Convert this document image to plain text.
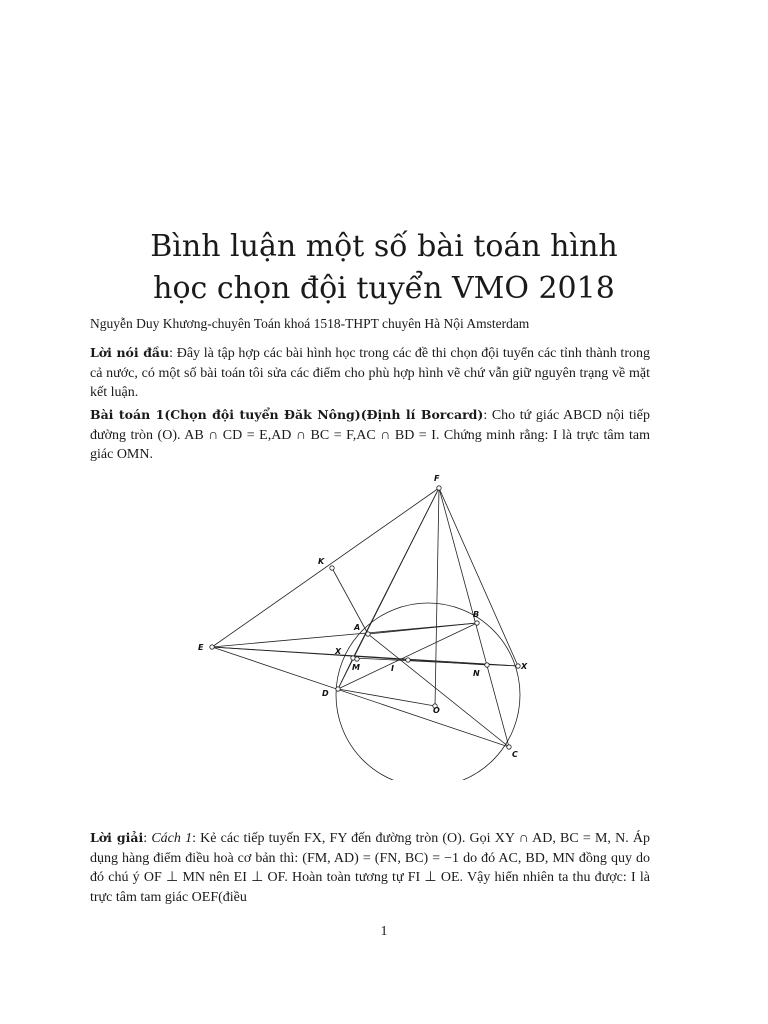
Bình luận một số bài toán hình
học chọn đội tuyển VMO 2018
Nguyễn Duy Khương-chuyên Toán khoá 1518-THPT chuyên Hà Nội Amsterdam
Lời nói đầu: Đây là tập hợp các bài hình học trong các đề thi chọn đội tuyển các tỉnh thành trong cả nước, có một số bài toán tôi sửa các điểm cho phù hợp hình vẽ chứ vẫn giữ nguyên trạng về mặt kết luận.
Bài toán 1(Chọn đội tuyển Đăk Nông)(Định lí Borcard): Cho tứ giác ABCD nội tiếp đường tròn (O). AB ∩ CD = E,AD ∩ BC = F,AC ∩ BD = I. Chứng minh rằng: I là trực tâm tam giác OMN.
F
K
E
A
B
X
M	I
N
X
D
O
C
Lời giải: Cách 1: Kẻ các tiếp tuyến FX, FY đến đường tròn (O). Gọi XY ∩ AD, BC = M, N. Áp dụng hàng điểm điều hoà cơ bản thì: (FM, AD) = (FN, BC) = −1 do đó AC, BD, MN đồng quy do đó chú ý OF ⊥ MN nên EI ⊥ OF. Hoàn toàn tương tự FI ⊥ OE. Vậy hiển nhiên ta thu được: I là trực tâm tam giác OEF(điều
1
